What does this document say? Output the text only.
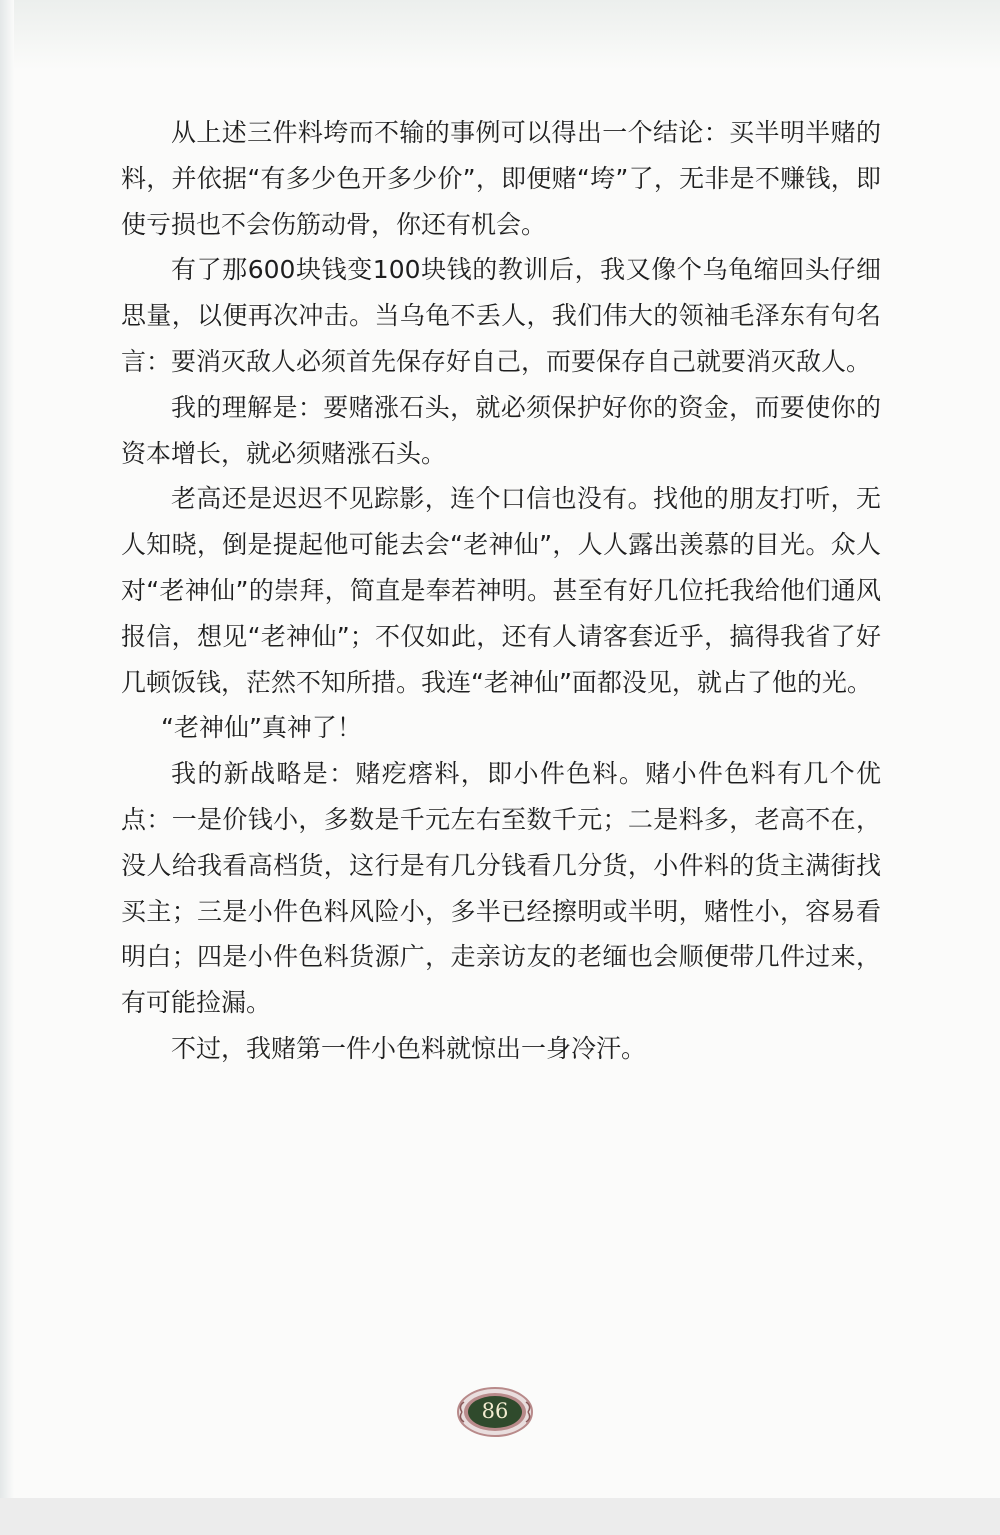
从上述三件料垮而不输的事例可以得出一个结论：买半明半赌的料，并依据“有多少色开多少价”，即便赌“垮”了，无非是不赚钱，即使亏损也不会伤筋动骨，你还有机会。

有了那600块钱变100块钱的教训后，我又像个乌龟缩回头仔细思量，以便再次冲击。当乌龟不丢人，我们伟大的领袖毛泽东有句名言：要消灭敌人必须首先保存好自己，而要保存自己就要消灭敌人。

我的理解是：要赌涨石头，就必须保护好你的资金，而要使你的资本增长，就必须赌涨石头。

老高还是迟迟不见踪影，连个口信也没有。找他的朋友打听，无人知晓，倒是提起他可能去会“老神仙”，人人露出羡慕的目光。众人对“老神仙”的崇拜，简直是奉若神明。甚至有好几位托我给他们通风报信，想见“老神仙”；不仅如此，还有人请客套近乎，搞得我省了好几顿饭钱，茫然不知所措。我连“老神仙”面都没见，就占了他的光。

“老神仙”真神了！

我的新战略是：赌疙瘩料，即小件色料。赌小件色料有几个优点：一是价钱小，多数是千元左右至数千元；二是料多，老高不在，没人给我看高档货，这行是有几分钱看几分货，小件料的货主满街找买主；三是小件色料风险小，多半已经擦明或半明，赌性小，容易看明白；四是小件色料货源广，走亲访友的老缅也会顺便带几件过来，有可能捡漏。

不过，我赌第一件小色料就惊出一身冷汗。

86
